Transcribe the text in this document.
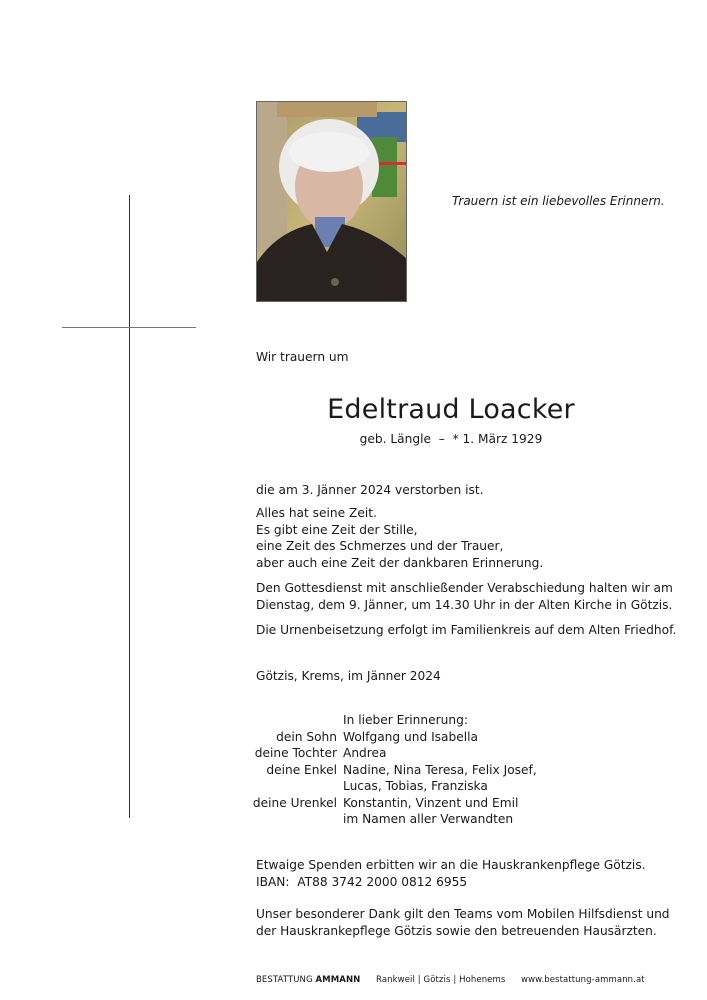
Trauern ist ein liebevolles Erinnern.
Wir trauern um
Edeltraud Loacker
geb. Längle  –  * 1. März 1929
die am 3. Jänner 2024 verstorben ist.
Alles hat seine Zeit.
Es gibt eine Zeit der Stille,
eine Zeit des Schmerzes und der Trauer,
aber auch eine Zeit der dankbaren Erinnerung.
Den Gottesdienst mit anschließender Verabschiedung halten wir am
Dienstag, dem 9. Jänner, um 14.30 Uhr in der Alten Kirche in Götzis.
Die Urnenbeisetzung erfolgt im Familienkreis auf dem Alten Friedhof.
Götzis, Krems, im Jänner 2024
	In lieber Erinnerung:
dein Sohn	Wolfgang und Isabella
deine Tochter	Andrea
deine Enkel	Nadine, Nina Teresa, Felix Josef,
	Lucas, Tobias, Franziska
deine Urenkel	Konstantin, Vinzent und Emil
	im Namen aller Verwandten
Etwaige Spenden erbitten wir an die Hauskrankenpflege Götzis.
IBAN:  AT88 3742 2000 0812 6955
Unser besonderer Dank gilt den Teams vom Mobilen Hilfsdienst und
der Hauskrankepflege Götzis sowie den betreuenden Hausärzten.
BESTATTUNG AMMANN Rankweil | Götzis | Hohenems www.bestattung-ammann.at
